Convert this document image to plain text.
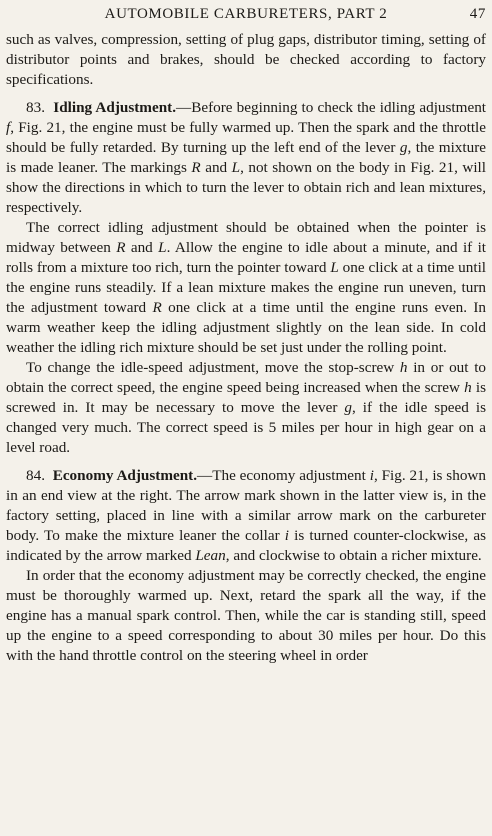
AUTOMOBILE CARBURETERS, PART 2	47

such as valves, compression, setting of plug gaps, distributor timing, setting of distributor points and brakes, should be checked according to factory specifications.

83. Idling Adjustment.—Before beginning to check the idling adjustment f, Fig. 21, the engine must be fully warmed up. Then the spark and the throttle should be fully retarded. By turning up the left end of the lever g, the mixture is made leaner. The markings R and L, not shown on the body in Fig. 21, will show the directions in which to turn the lever to obtain rich and lean mixtures, respectively.

The correct idling adjustment should be obtained when the pointer is midway between R and L. Allow the engine to idle about a minute, and if it rolls from a mixture too rich, turn the pointer toward L one click at a time until the engine runs steadily. If a lean mixture makes the engine run uneven, turn the adjustment toward R one click at a time until the engine runs even. In warm weather keep the idling adjustment slightly on the lean side. In cold weather the idling rich mixture should be set just under the rolling point.

To change the idle-speed adjustment, move the stop-screw h in or out to obtain the correct speed, the engine speed being increased when the screw h is screwed in. It may be necessary to move the lever g, if the idle speed is changed very much. The correct speed is 5 miles per hour in high gear on a level road.

84. Economy Adjustment.—The economy adjustment i, Fig. 21, is shown in an end view at the right. The arrow mark shown in the latter view is, in the factory setting, placed in line with a similar arrow mark on the carbureter body. To make the mixture leaner the collar i is turned counter-clockwise, as indicated by the arrow marked Lean, and clockwise to obtain a richer mixture.

In order that the economy adjustment may be correctly checked, the engine must be thoroughly warmed up. Next, retard the spark all the way, if the engine has a manual spark control. Then, while the car is standing still, speed up the engine to a speed corresponding to about 30 miles per hour. Do this with the hand throttle control on the steering wheel in order
